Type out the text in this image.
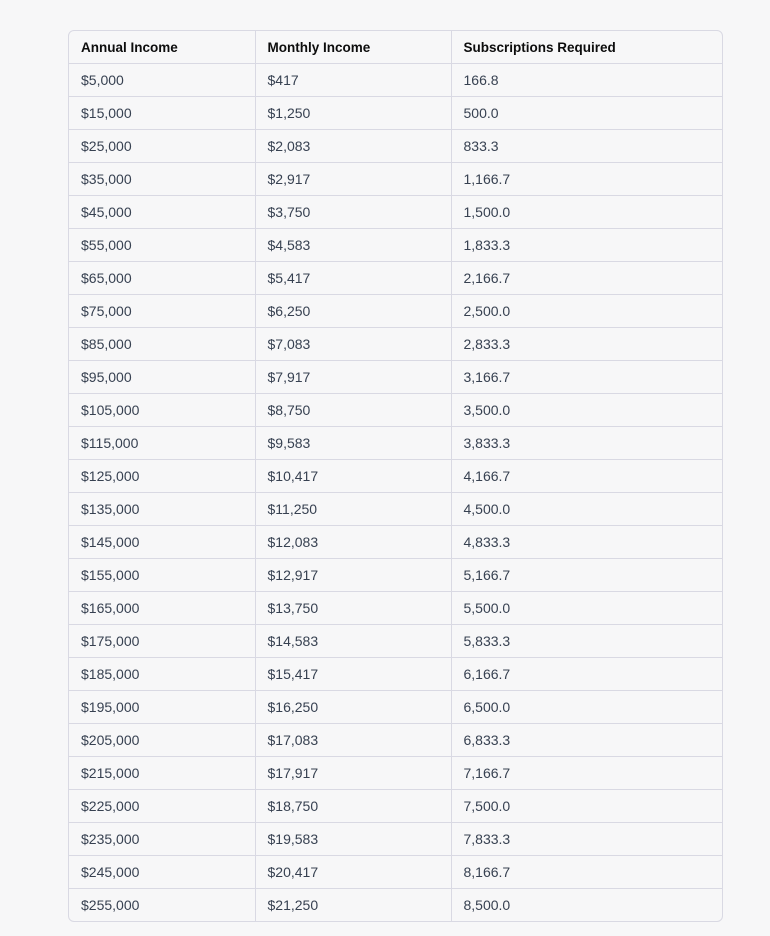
Annual Income	Monthly Income	Subscriptions Required
$5,000	$417	166.8
$15,000	$1,250	500.0
$25,000	$2,083	833.3
$35,000	$2,917	1,166.7
$45,000	$3,750	1,500.0
$55,000	$4,583	1,833.3
$65,000	$5,417	2,166.7
$75,000	$6,250	2,500.0
$85,000	$7,083	2,833.3
$95,000	$7,917	3,166.7
$105,000	$8,750	3,500.0
$115,000	$9,583	3,833.3
$125,000	$10,417	4,166.7
$135,000	$11,250	4,500.0
$145,000	$12,083	4,833.3
$155,000	$12,917	5,166.7
$165,000	$13,750	5,500.0
$175,000	$14,583	5,833.3
$185,000	$15,417	6,166.7
$195,000	$16,250	6,500.0
$205,000	$17,083	6,833.3
$215,000	$17,917	7,166.7
$225,000	$18,750	7,500.0
$235,000	$19,583	7,833.3
$245,000	$20,417	8,166.7
$255,000	$21,250	8,500.0
